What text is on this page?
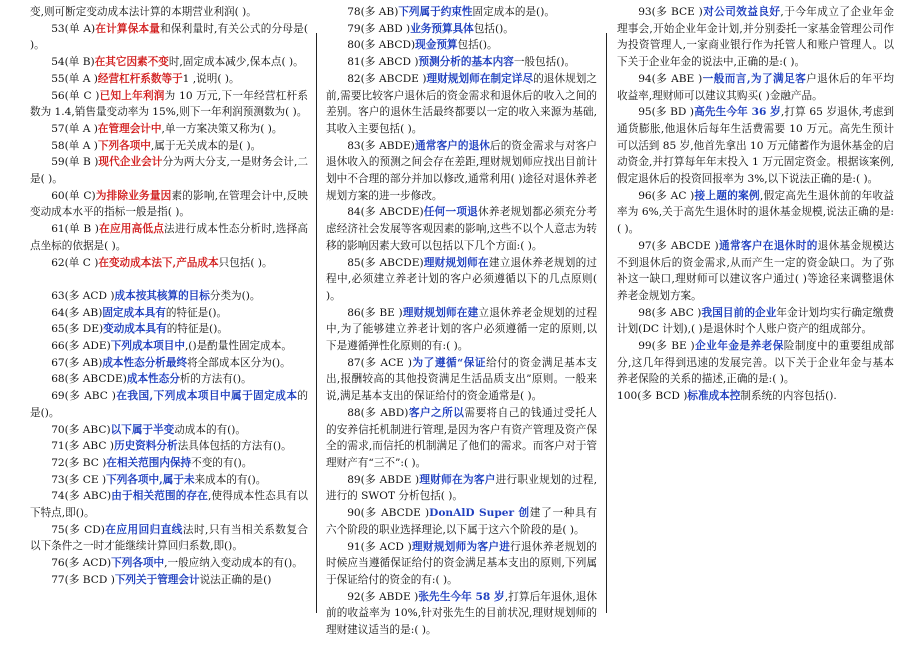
变,则可断定变动成本法计算的本期营业利润( )。

53(单 A)在计算保本量和保利量时,有关公式的分母是( )。

54(单 B)在其它因素不变时,固定成本减少,保本点( )。

55(单 A )经营杠杆系数等于1 ,说明( )。

56(单 C )已知上年利润为 10 万元,下一年经营杠杆系数为 1.4,销售量变动率为 15%,则下一年利润预测数为( )。

57(单 A )在管理会计中,单一方案决策又称为( )。

58(单 A )下列各项中,属于无关成本的是( )。

59(单 B )现代企业会计分为两大分支,一是财务会计,二是( )。

60(单 C)为排除业务量因素的影响,在管理会计中,反映变动成本水平的指标一般是指( )。

61(单 B )在应用高低点法进行成本性态分析时,选择高点坐标的依据是( )。

62(单 C )在变动成本法下,产品成本只包括( )。

63(多 ACD )成本按其核算的目标分类为()。

64(多 AB)固定成本具有的特征是()。

65(多 DE)变动成本具有的特征是()。

66(多 ADE)下列成本项目中,()是酌量性固定成本。

67(多 AB)成本性态分析最终将全部成本区分为()。

68(多 ABCDE)成本性态分析的方法有()。

69(多 ABC )在我国,下列成本项目中属于固定成本的是()。

70(多 ABC)以下属于半变动成本的有()。

71(多 ABC )历史资料分析法具体包括的方法有()。

72(多 BC )在相关范围内保持不变的有()。

73(多 CE )下列各项中,属于未来成本的有()。

74(多 ABC)由于相关范围的存在,使得成本性态具有以下特点,即()。

75(多 CD)在应用回归直线法时,只有当相关系数复合以下条件之一时才能继续计算回归系数,即()。

76(多 ACD)下列各项中,一般应纳入变动成本的有()。

77(多 BCD )下列关于管理会计说法正确的是()

78(多 AB)下列属于约束性固定成本的是()。

79(多 ABD )业务预算具体包括()。

80(多 ABCD)现金预算包括()。

81(多 ABCD )预测分析的基本内容一般包括()。

82(多 ABCDE )理财规划师在制定详尽的退休规划之前,需要比较客户退休后的资金需求和退休后的收入之间的差别。客户的退休生活最终都要以一定的收入来源为基础,其收入主要包括( )。

83(多 ABDE)通常客户的退休后的资金需求与对客户退休收入的预测之间会存在差距,理财规划师应找出目前计划中不合理的部分并加以修改,通常利用( )途径对退休养老规划方案的进一步修改。

84(多 ABCDE)任何一项退休养老规划都必须充分考虑经济社会发展等客观因素的影响,这些不以个人意志为转移的影响因素大致可以包括以下几个方面:( )。

85(多 ABCDE)理财规划师在建立退休养老规划的过程中,必须建立养老计划的客户必须遵循以下的几点原则( )。

86(多 BE )理财规划师在建立退休养老金规划的过程中,为了能够建立养老计划的客户必须遵循一定的原则,以下是遵循弹性化原则的有:( )。

87(多 ACE )为了遵循“保证给付的资金满足基本支出,报酬较高的其他投资满足生活品质支出”原则。一般来说,满足基本支出的保证给付的资金通常是( )。

88(多 ABD)客户之所以需要将自己的钱通过受托人的安养信托机制进行管理,是因为客户有资产管理及资产保全的需求,而信托的机制满足了他们的需求。而客户对于管理财产有“三不”:( )。

89(多 ABDE )理财师在为客户进行职业规划的过程,进行的 SWOT 分析包括( )。

90(多 ABCDE )DonAlD Super 创建了一种具有六个阶段的职业选择理论,以下属于这六个阶段的是( )。

91(多 ACD )理财规划师为客户进行退休养老规划的时候应当遵循保证给付的资金满足基本支出的原则,下列属于保证给付的资金的有:( )。

92(多 ABDE )张先生今年 58 岁,打算后年退休,退休前的收益率为 10%,针对张先生的目前状况,理财规划师的理财建议适当的是:( )。

93(多 BCE )对公司效益良好,于今年成立了企业年金理事会,开始企业年金计划,并分别委托一家基金管理公司作为投资管理人,一家商业银行作为托管人和账户管理人。以下关于企业年金的说法中,正确的是:( )。

94(多 ABE )一般而言,为了满足客户退休后的年平均收益率,理财师可以建议其购买( )金融产品。

95(多 BD )高先生今年 36 岁,打算 65 岁退休,考虑到通货膨胀,他退休后每年生活费需要 10 万元。高先生预计可以活到 85 岁,他首先拿出 10 万元储蓄作为退休基金的启动资金,并打算每年年末投入 1 万元固定资金。根据该案例,假定退休后的投资回报率为 3%,以下说法正确的是:( )。

96(多 AC )接上题的案例,假定高先生退休前的年收益率为 6%,关于高先生退休时的退休基金规模,说法正确的是:( )。

97(多 ABCDE )通常客户在退休时的退休基金规模达不到退休后的资金需求,从而产生一定的资金缺口。为了弥补这一缺口,理财师可以建议客户通过( )等途径来调整退休养老金规划方案。

98(多 ABC )我国目前的企业年金计划均实行确定缴费计划(DC 计划),( )是退休时个人账户资产的组成部分。

99(多 BE )企业年金是养老保险制度中的重要组成部分,这几年得到迅速的发展完善。以下关于企业年金与基本养老保险的关系的描述,正确的是:( )。

100(多 BCD )标准成本控制系统的内容包括().
